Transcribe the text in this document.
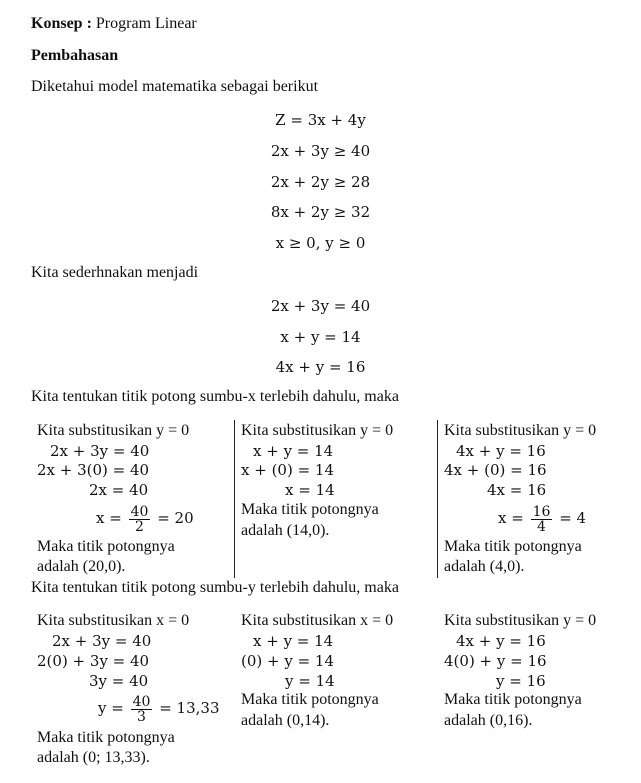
Konsep : Program Linear
Pembahasan
Diketahui model matematika sebagai berikut
Z = 3x + 4y
2x + 3y ≥ 40
2x + 2y ≥ 28
8x + 2y ≥ 32
x ≥ 0, y ≥ 0
Kita sederhnakan menjadi
2x + 3y = 40
x + y = 14
4x + y = 16
Kita tentukan titik potong sumbu-x terlebih dahulu, maka
Kita substitusikan y = 0
2x + 3y = 40
2x + 3(0) = 40
2x = 40
$x = \frac{40}{2} = 20$
Maka titik potongnya
adalah (20,0).
Kita substitusikan y = 0
x + y = 14
x + (0) = 14
x = 14
Maka titik potongnya
adalah (14,0).
Kita substitusikan y = 0
4x + y = 16
4x + (0) = 16
4x = 16
$x = \frac{16}{4} = 4$
Maka titik potongnya
adalah (4,0).
Kita tentukan titik potong sumbu-y terlebih dahulu, maka
Kita substitusikan x = 0
2x + 3y = 40
2(0) + 3y = 40
3y = 40
$y = \frac{40}{3} = 13,33$
Maka titik potongnya
adalah (0; 13,33).
Kita substitusikan x = 0
x + y = 14
(0) + y = 14
y = 14
Maka titik potongnya
adalah (0,14).
Kita substitusikan y = 0
4x + y = 16
4(0) + y = 16
y = 16
Maka titik potongnya
adalah (0,16).
